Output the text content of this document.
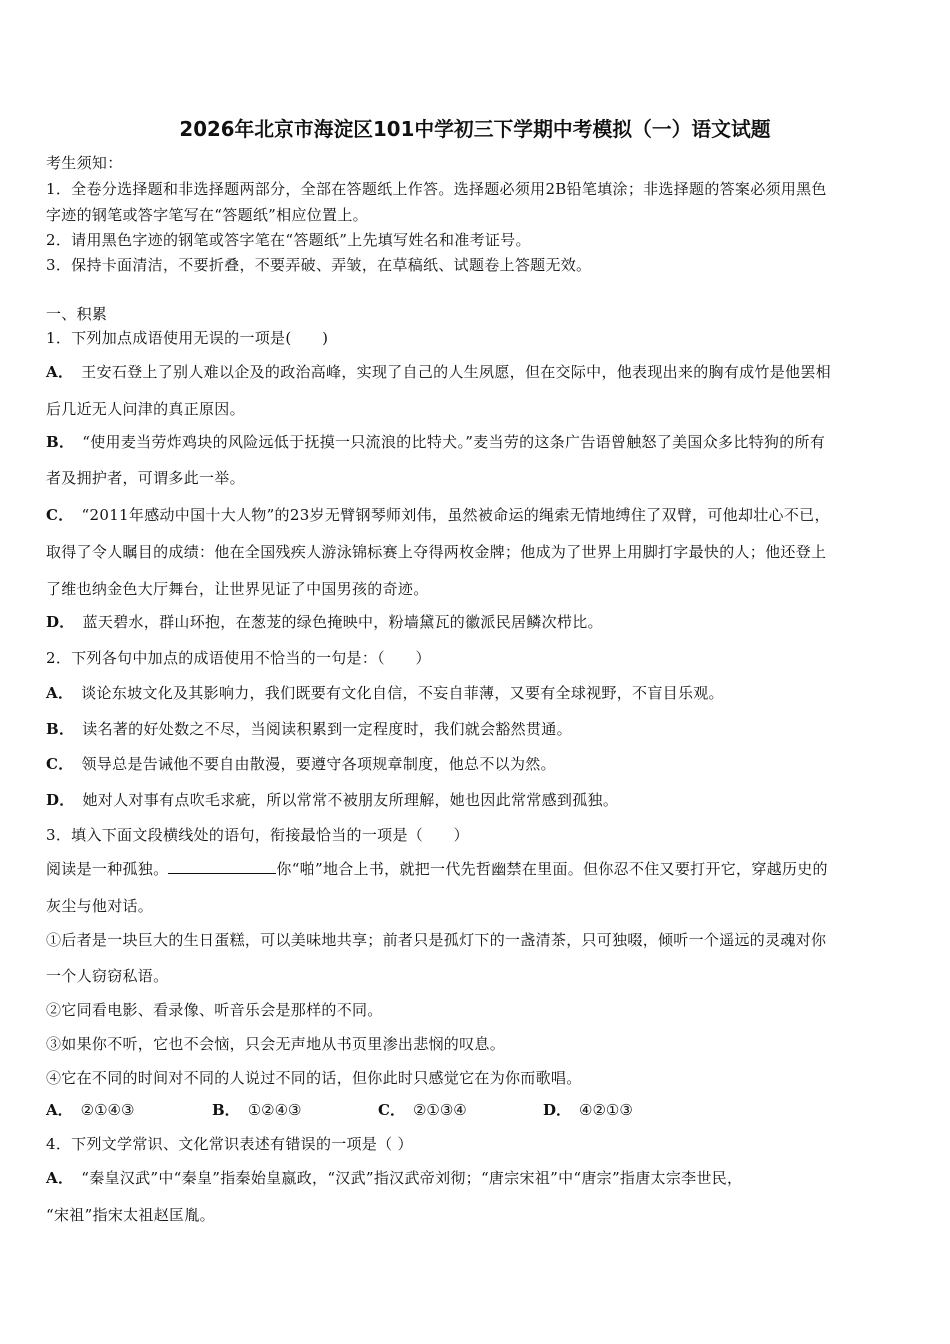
2026年北京市海淀区101中学初三下学期中考模拟（一）语文试题
考生须知：
1．全卷分选择题和非选择题两部分，全部在答题纸上作答。选择题必须用2B铅笔填涂；非选择题的答案必须用黑色
字迹的钢笔或答字笔写在“答题纸”相应位置上。
2．请用黑色字迹的钢笔或答字笔在“答题纸”上先填写姓名和准考证号。
3．保持卡面清洁，不要折叠，不要弄破、弄皱，在草稿纸、试题卷上答题无效。
一、积累
1．下列加点成语使用无误的一项是(　　)
A． 王安石登上了别人难以企及的政治高峰，实现了自己的人生夙愿，但在交际中，他表现出来的胸有成竹是他罢相
后几近无人问津的真正原因。
B． “使用麦当劳炸鸡块的风险远低于抚摸一只流浪的比特犬。”麦当劳的这条广告语曾触怒了美国众多比特狗的所有
者及拥护者，可谓多此一举。
C． “2011年感动中国十大人物”的23岁无臂钢琴师刘伟，虽然被命运的绳索无情地缚住了双臂，可他却壮心不已，
取得了令人瞩目的成绩：他在全国残疾人游泳锦标赛上夺得两枚金牌；他成为了世界上用脚打字最快的人；他还登上
了维也纳金色大厅舞台，让世界见证了中国男孩的奇迹。
D． 蓝天碧水，群山环抱，在葱茏的绿色掩映中，粉墙黛瓦的徽派民居鳞次栉比。
2．下列各句中加点的成语使用不恰当的一句是：（　　）
A． 谈论东坡文化及其影响力，我们既要有文化自信，不妄自菲薄，又要有全球视野，不盲目乐观。
B． 读名著的好处数之不尽，当阅读积累到一定程度时，我们就会豁然贯通。
C． 领导总是告诫他不要自由散漫，要遵守各项规章制度，他总不以为然。
D． 她对人对事有点吹毛求疵，所以常常不被朋友所理解，她也因此常常感到孤独。
3．填入下面文段横线处的语句，衔接最恰当的一项是（　　）
阅读是一种孤独。	你“啪”地合上书，就把一代先哲幽禁在里面。但你忍不住又要打开它，穿越历史的
灰尘与他对话。
①后者是一块巨大的生日蛋糕，可以美味地共享；前者只是孤灯下的一盏清茶，只可独啜，倾听一个遥远的灵魂对你
一个人窃窃私语。
②它同看电影、看录像、听音乐会是那样的不同。
③如果你不听，它也不会恼，只会无声地从书页里渗出悲悯的叹息。
④它在不同的时间对不同的人说过不同的话，但你此时只感觉它在为你而歌唱。
A． ②①④③	B． ①②④③	C． ②①③④	D． ④②①③
4．下列文学常识、文化常识表述有错误的一项是（ ）
A． “秦皇汉武”中“秦皇”指秦始皇嬴政，“汉武”指汉武帝刘彻；“唐宗宋祖”中“唐宗”指唐太宗李世民，
“宋祖”指宋太祖赵匡胤。
